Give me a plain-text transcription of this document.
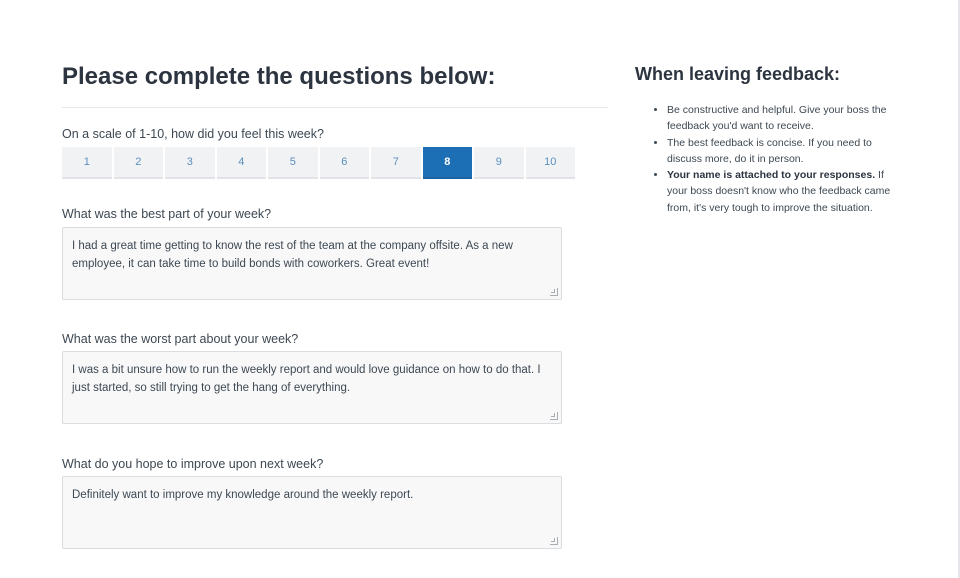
Please complete the questions below:
On a scale of 1-10, how did you feel this week?
1	2	3	4	5	6	7	8	9	10
What was the best part of your week?
I had a great time getting to know the rest of the team at the company offsite. As a new employee, it can take time to build bonds with coworkers. Great event!
What was the worst part about your week?
I was a bit unsure how to run the weekly report and would love guidance on how to do that. I just started, so still trying to get the hang of everything.
What do you hope to improve upon next week?
Definitely want to improve my knowledge around the weekly report.
When leaving feedback:
• Be constructive and helpful. Give your boss the feedback you'd want to receive.
• The best feedback is concise. If you need to discuss more, do it in person.
• Your name is attached to your responses. If your boss doesn't know who the feedback came from, it's very tough to improve the situation.
